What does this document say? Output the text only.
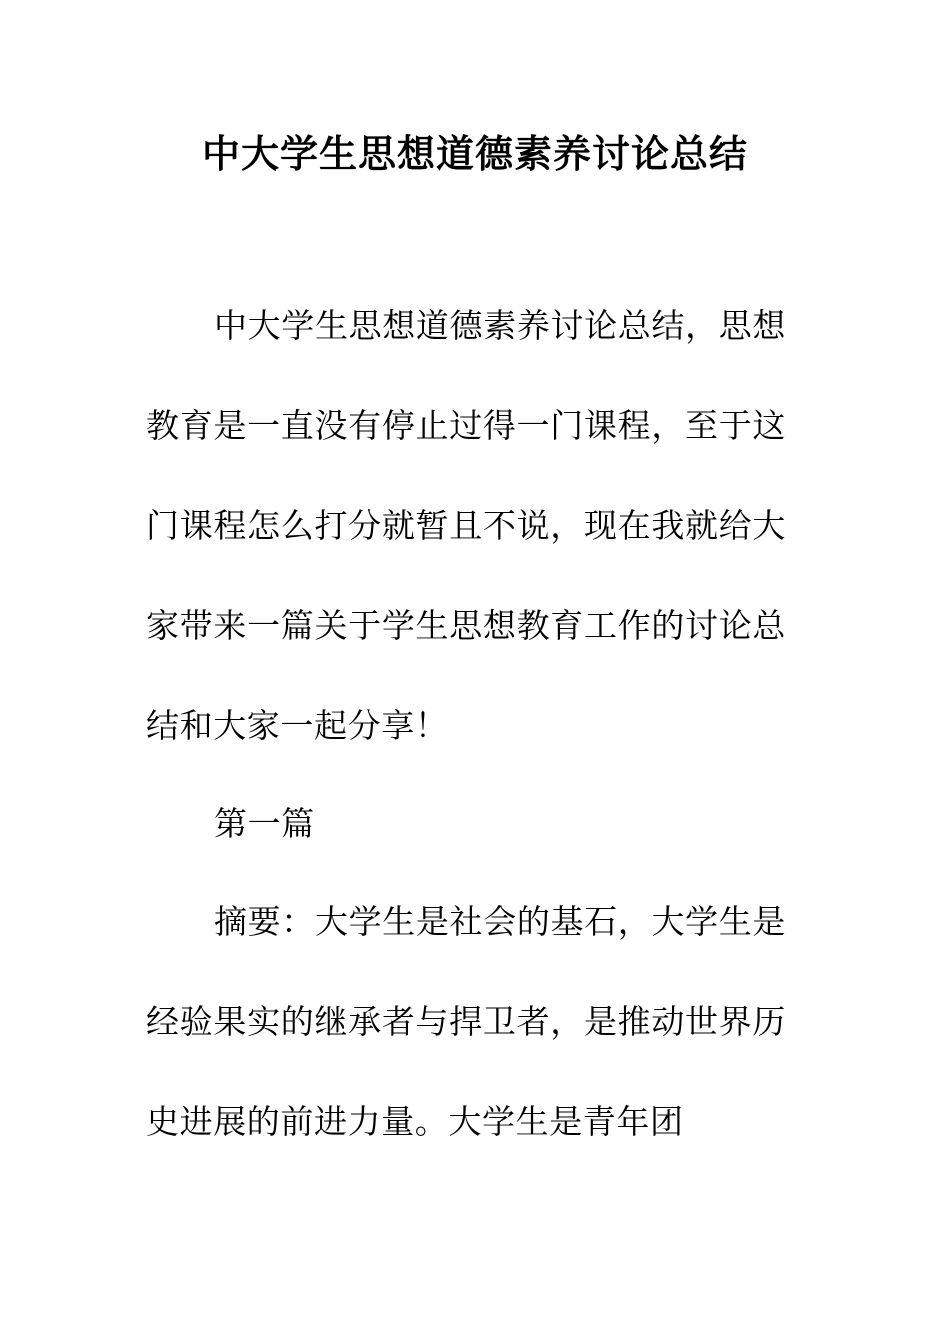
中大学生思想道德素养讨论总结

中大学生思想道德素养讨论总结，思想教育是一直没有停止过得一门课程，至于这门课程怎么打分就暂且不说，现在我就给大家带来一篇关于学生思想教育工作的讨论总结和大家一起分享！

第一篇

摘要：大学生是社会的基石，大学生是经验果实的继承者与捍卫者，是推动世界历史进展的前进力量。大学生是青年团
